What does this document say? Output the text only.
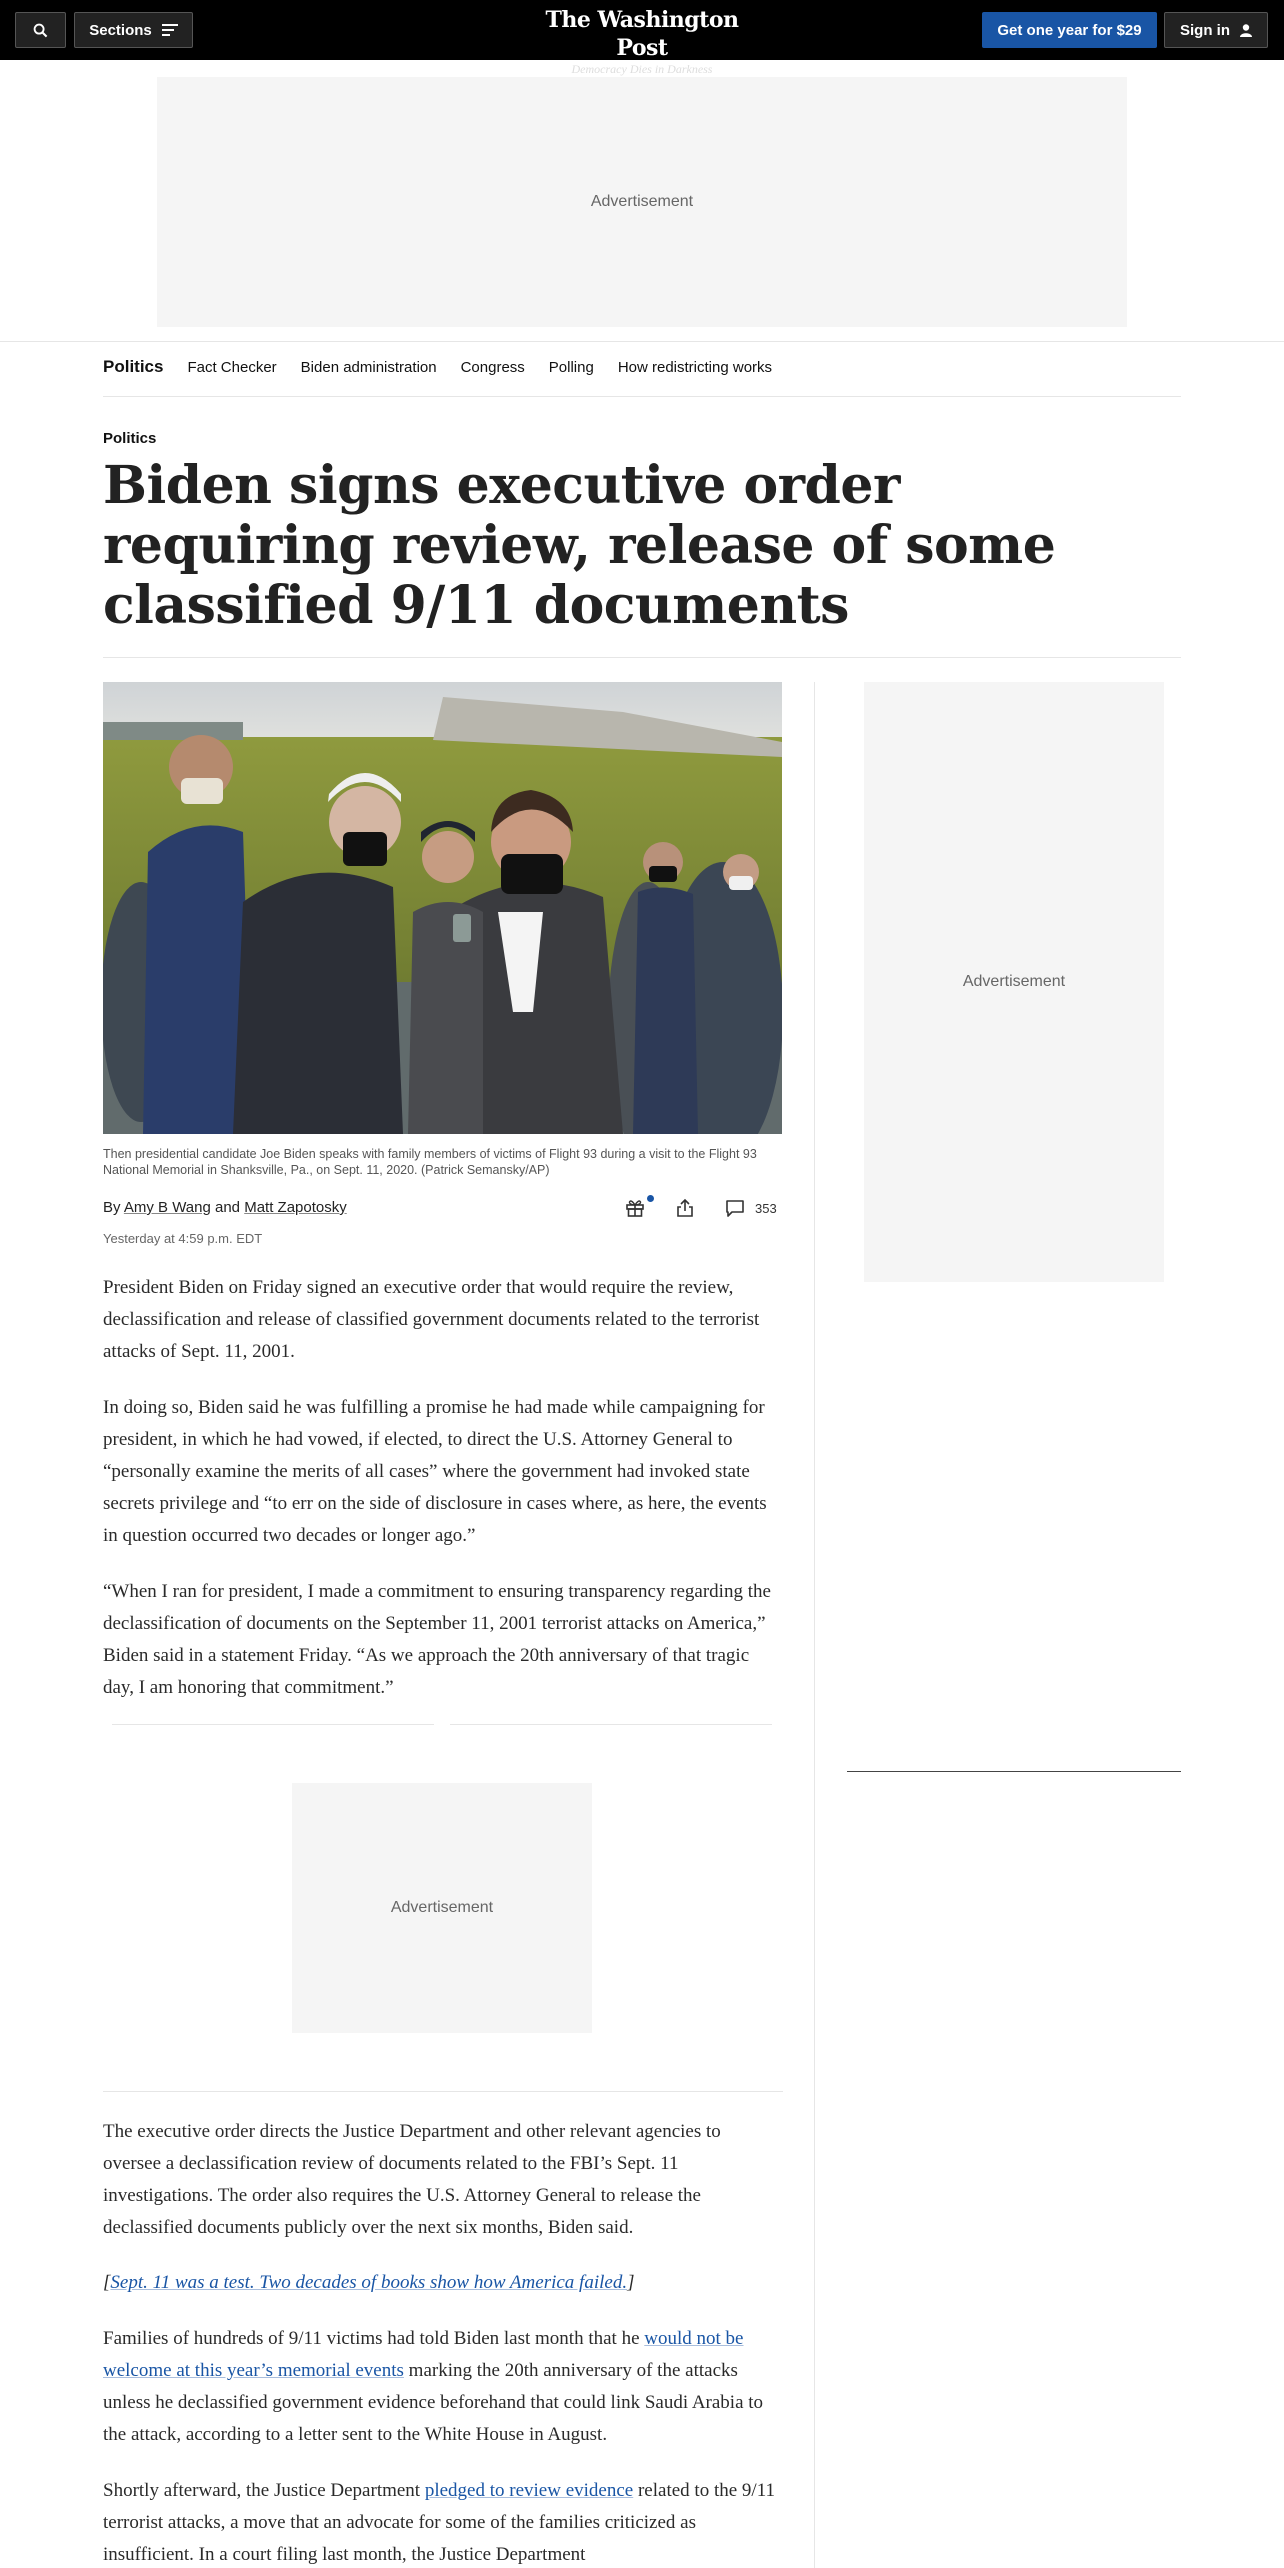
Sections	The Washington Post
Democracy Dies in Darkness
Get one year for $29	Sign in
Advertisement
Politics Fact Checker Biden administration Congress Polling How redistricting works
Politics
Biden signs executive order requiring review, release of some classified 9/11 documents

Then presidential candidate Joe Biden speaks with family members of victims of Flight 93 during a visit to the Flight 93 National Memorial in Shanksville, Pa., on Sept. 11, 2020. (Patrick Semansky/AP)

By Amy B Wang and Matt Zapotosky
Yesterday at 4:59 p.m. EDT
353

President Biden on Friday signed an executive order that would require the review, declassification and release of classified government documents related to the terrorist attacks of Sept. 11, 2001.

In doing so, Biden said he was fulfilling a promise he had made while campaigning for president, in which he had vowed, if elected, to direct the U.S. Attorney General to “personally examine the merits of all cases” where the government had invoked state secrets privilege and “to err on the side of disclosure in cases where, as here, the events in question occurred two decades or longer ago.”

“When I ran for president, I made a commitment to ensuring transparency regarding the declassification of documents on the September 11, 2001 terrorist attacks on America,” Biden said in a statement Friday. “As we approach the 20th anniversary of that tragic day, I am honoring that commitment.”

Advertisement

The executive order directs the Justice Department and other relevant agencies to oversee a declassification review of documents related to the FBI’s Sept. 11 investigations. The order also requires the U.S. Attorney General to release the declassified documents publicly over the next six months, Biden said.

[Sept. 11 was a test. Two decades of books show how America failed.]

Families of hundreds of 9/11 victims had told Biden last month that he would not be welcome at this year’s memorial events marking the 20th anniversary of the attacks unless he declassified government evidence beforehand that could link Saudi Arabia to the attack, according to a letter sent to the White House in August.

Shortly afterward, the Justice Department pledged to review evidence related to the 9/11 terrorist attacks, a move that an advocate for some of the families criticized as insufficient. In a court filing last month, the Justice Department

Advertisement
